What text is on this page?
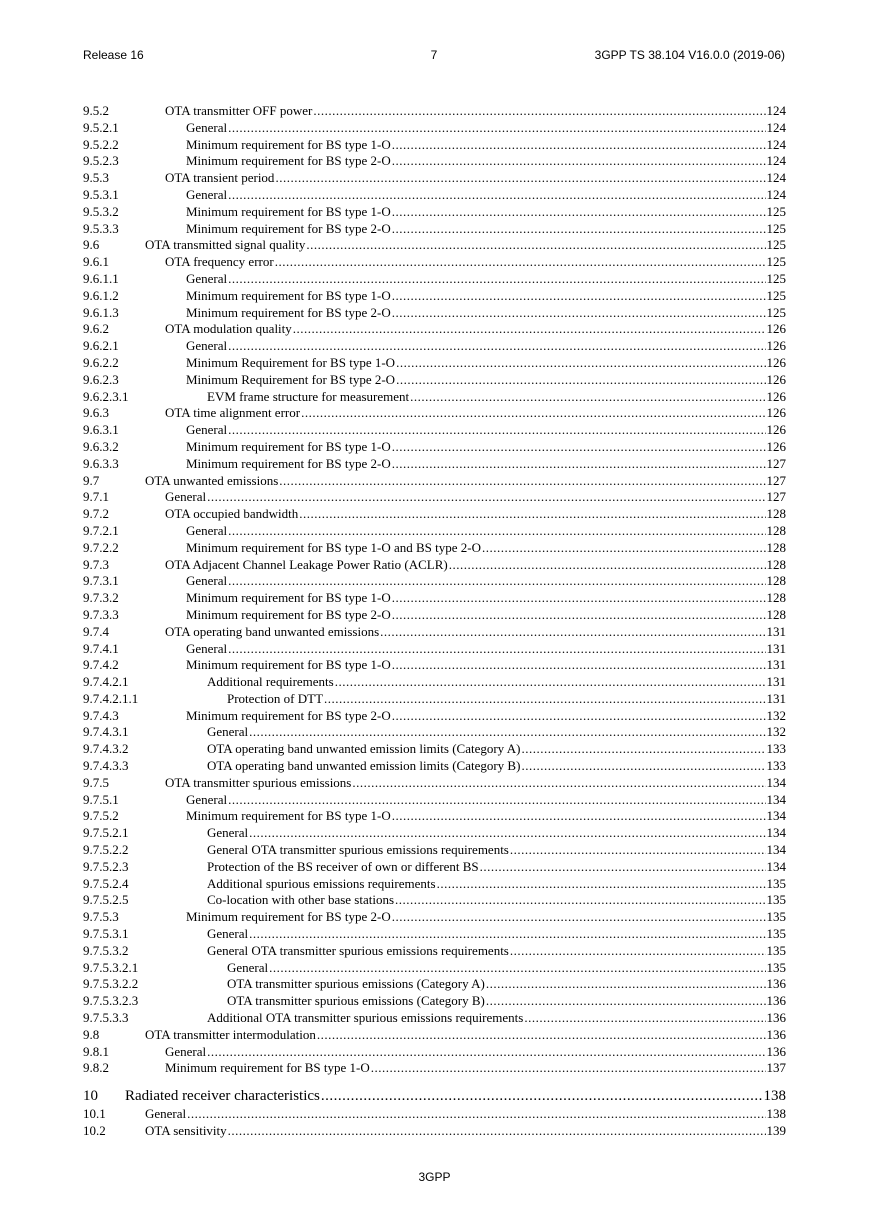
Release 16	7	3GPP TS 38.104 V16.0.0 (2019-06)
9.5.2	OTA transmitter OFF power .....	124
9.5.2.1	General .....	124
9.5.2.2	Minimum requirement for BS type 1-O .....	124
9.5.2.3	Minimum requirement for BS type 2-O .....	124
9.5.3	OTA transient period .....	124
9.5.3.1	General .....	124
9.5.3.2	Minimum requirement for BS type 1-O .....	125
9.5.3.3	Minimum requirement for BS type 2-O .....	125
9.6	OTA transmitted signal quality .....	125
9.6.1	OTA frequency error .....	125
9.6.1.1	General .....	125
9.6.1.2	Minimum requirement for BS type 1-O .....	125
9.6.1.3	Minimum requirement for BS type 2-O .....	125
9.6.2	OTA modulation quality .....	126
9.6.2.1	General .....	126
9.6.2.2	Minimum Requirement for BS type 1-O .....	126
9.6.2.3	Minimum Requirement for BS type 2-O .....	126
9.6.2.3.1	EVM frame structure for measurement .....	126
9.6.3	OTA time alignment error .....	126
9.6.3.1	General .....	126
9.6.3.2	Minimum requirement for BS type 1-O .....	126
9.6.3.3	Minimum requirement for BS type 2-O .....	127
9.7	OTA unwanted emissions .....	127
9.7.1	General .....	127
9.7.2	OTA occupied bandwidth .....	128
9.7.2.1	General .....	128
9.7.2.2	Minimum requirement for BS type 1-O and BS type 2-O .....	128
9.7.3	OTA Adjacent Channel Leakage Power Ratio (ACLR) .....	128
9.7.3.1	General .....	128
9.7.3.2	Minimum requirement for BS type 1-O .....	128
9.7.3.3	Minimum requirement for BS type 2-O .....	128
9.7.4	OTA operating band unwanted emissions .....	131
9.7.4.1	General .....	131
9.7.4.2	Minimum requirement for BS type 1-O .....	131
9.7.4.2.1	Additional requirements .....	131
9.7.4.2.1.1	Protection of DTT .....	131
9.7.4.3	Minimum requirement for BS type 2-O .....	132
9.7.4.3.1	General .....	132
9.7.4.3.2	OTA operating band unwanted emission limits (Category A) .....	133
9.7.4.3.3	OTA operating band unwanted emission limits (Category B) .....	133
9.7.5	OTA transmitter spurious emissions .....	134
9.7.5.1	General .....	134
9.7.5.2	Minimum requirement for BS type 1-O .....	134
9.7.5.2.1	General .....	134
9.7.5.2.2	General OTA transmitter spurious emissions requirements .....	134
9.7.5.2.3	Protection of the BS receiver of own or different BS .....	134
9.7.5.2.4	Additional spurious emissions requirements .....	135
9.7.5.2.5	Co-location with other base stations .....	135
9.7.5.3	Minimum requirement for BS type 2-O .....	135
9.7.5.3.1	General .....	135
9.7.5.3.2	General OTA transmitter spurious emissions requirements .....	135
9.7.5.3.2.1	General .....	135
9.7.5.3.2.2	OTA transmitter spurious emissions (Category A) .....	136
9.7.5.3.2.3	OTA transmitter spurious emissions (Category B) .....	136
9.7.5.3.3	Additional OTA transmitter spurious emissions requirements .....	136
9.8	OTA transmitter intermodulation .....	136
9.8.1	General .....	136
9.8.2	Minimum requirement for BS type 1-O .....	137
10 Radiated receiver characteristics .....	138
10.1	General .....	138
10.2	OTA sensitivity .....	139
3GPP
